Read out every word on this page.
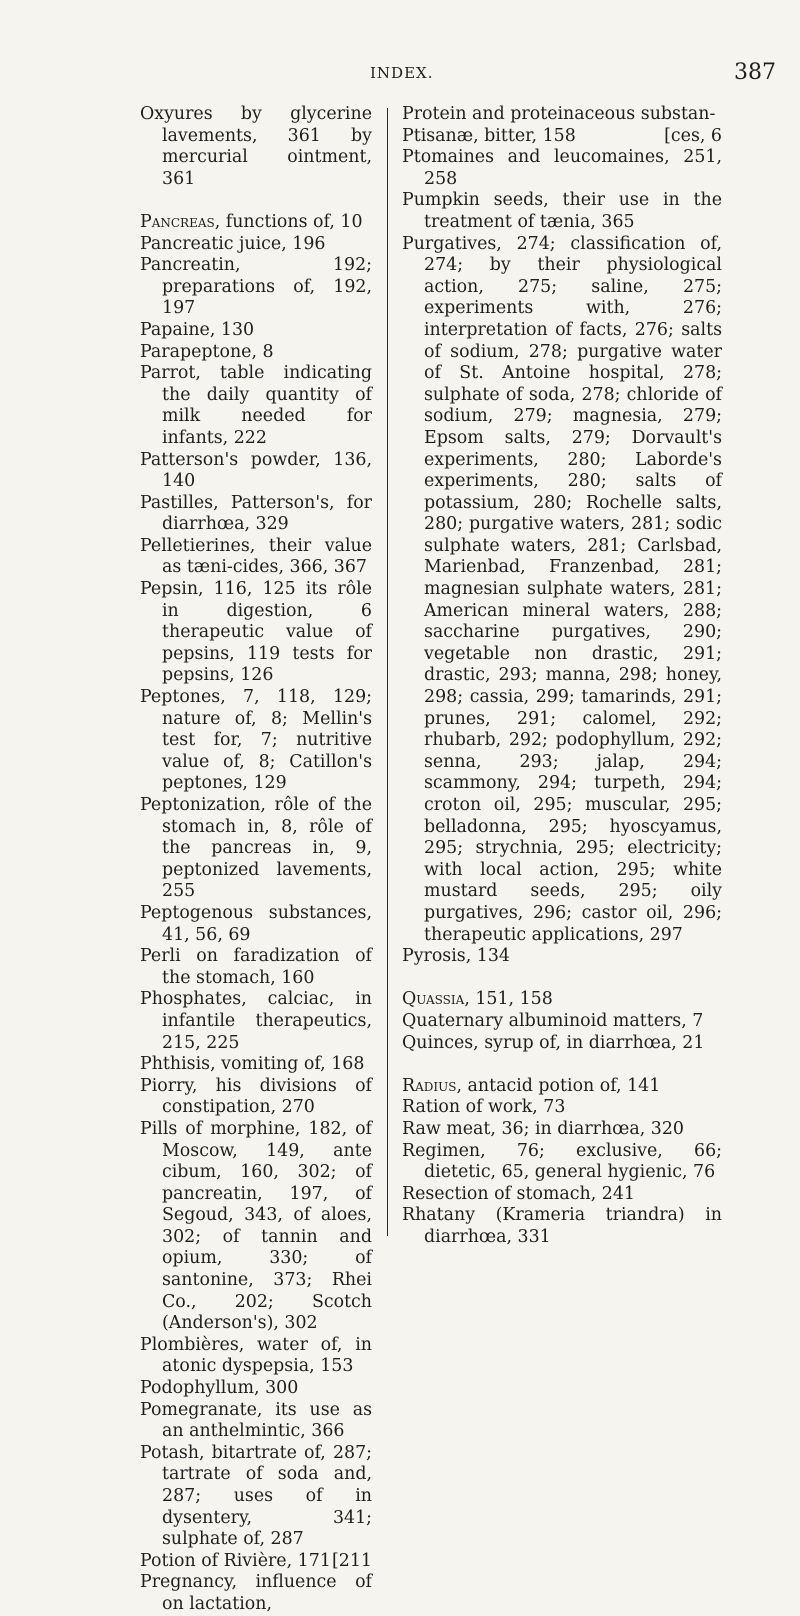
INDEX.	387

Oxyures by glycerine lavements, 361 by mercurial ointment, 361

Pancreas, functions of, 10

Pancreatic juice, 196

Pancreatin, 192; preparations of, 192, 197

Papaine, 130

Parapeptone, 8

Parrot, table indicating the daily quantity of milk needed for infants, 222

Patterson's powder, 136, 140

Pastilles, Patterson's, for diarrhœa, 329

Pelletierines, their value as tæni-cides, 366, 367

Pepsin, 116, 125 its rôle in digestion, 6 therapeutic value of pepsins, 119 tests for pepsins, 126

Peptones, 7, 118, 129; nature of, 8; Mellin's test for, 7; nutritive value of, 8; Catillon's peptones, 129

Peptonization, rôle of the stomach in, 8, rôle of the pancreas in, 9, peptonized lavements, 255

Peptogenous substances, 41, 56, 69

Perli on faradization of the stomach, 160

Phosphates, calciac, in infantile therapeutics, 215, 225

Phthisis, vomiting of, 168

Piorry, his divisions of constipation, 270

Pills of morphine, 182, of Moscow, 149, ante cibum, 160, 302; of pancreatin, 197, of Segoud, 343, of aloes, 302; of tannin and opium, 330; of santonine, 373; Rhei Co., 202; Scotch (Anderson's), 302

Plombières, water of, in atonic dyspepsia, 153

Podophyllum, 300

Pomegranate, its use as an anthelmintic, 366

Potash, bitartrate of, 287; tartrate of soda and, 287; uses of in dysentery, 341; sulphate of, 287

[211
Potion of Rivière, 171

Pregnancy, influence of on lactation,

Protein and proteinaceous substan-

[ces, 6
Ptisanæ, bitter, 158

Ptomaines and leucomaines, 251, 258

Pumpkin seeds, their use in the treatment of tænia, 365

Purgatives, 274; classification of, 274; by their physiological action, 275; saline, 275; experiments with, 276; interpretation of facts, 276; salts of sodium, 278; purgative water of St. Antoine hospital, 278; sulphate of soda, 278; chloride of sodium, 279; magnesia, 279; Epsom salts, 279; Dorvault's experiments, 280; Laborde's experiments, 280; salts of potassium, 280; Rochelle salts, 280; purgative waters, 281; sodic sulphate waters, 281; Carlsbad, Marienbad, Franzenbad, 281; magnesian sulphate waters, 281; American mineral waters, 288; saccharine purgatives, 290; vegetable non drastic, 291; drastic, 293; manna, 298; honey, 298; cassia, 299; tamarinds, 291; prunes, 291; calomel, 292; rhubarb, 292; podophyllum, 292; senna, 293; jalap, 294; scammony, 294; turpeth, 294; croton oil, 295; muscular, 295; belladonna, 295; hyoscyamus, 295; strychnia, 295; electricity; with local action, 295; white mustard seeds, 295; oily purgatives, 296; castor oil, 296; therapeutic applications, 297

Pyrosis, 134

Quassia, 151, 158

Quaternary albuminoid matters, 7

Quinces, syrup of, in diarrhœa, 21

Radius, antacid potion of, 141

Ration of work, 73

Raw meat, 36; in diarrhœa, 320

Regimen, 76; exclusive, 66; dietetic, 65, general hygienic, 76

Resection of stomach, 241

Rhatany (Krameria triandra) in diarrhœa, 331
